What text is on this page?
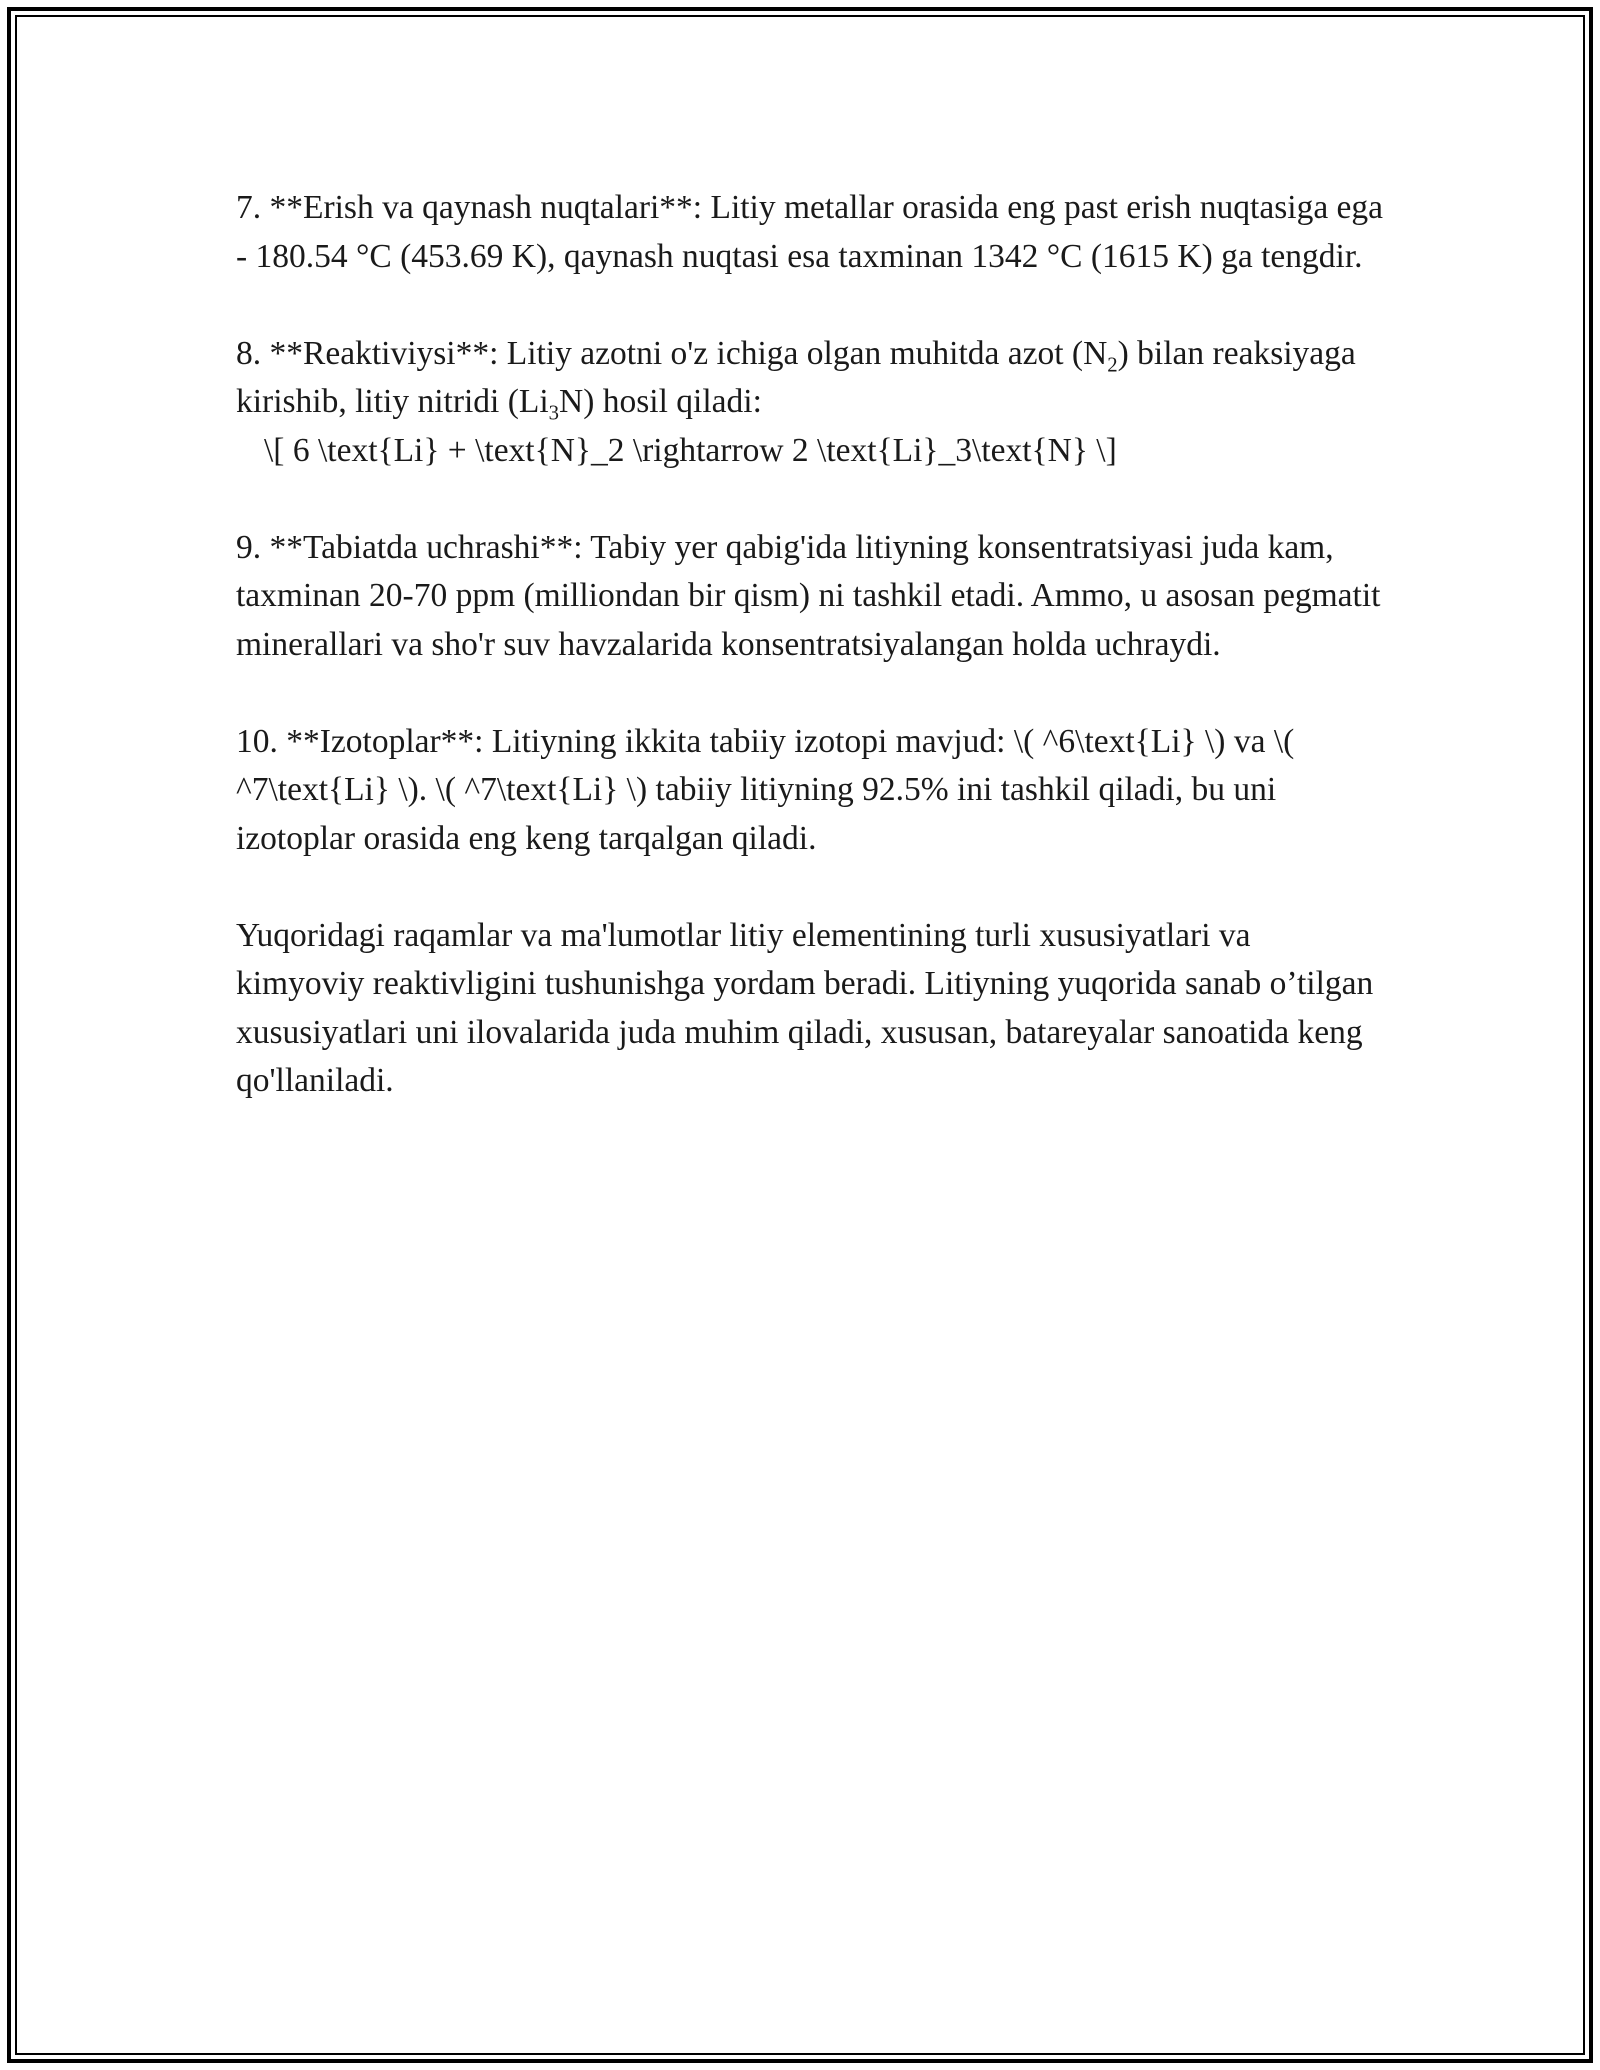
7. **Erish va qaynash nuqtalari**: Litiy metallar orasida eng past erish nuqtasiga ega - 180.54 °C (453.69 K), qaynash nuqtasi esa taxminan 1342 °C (1615 K) ga tengdir.

8. **Reaktiviysi**: Litiy azotni o'z ichiga olgan muhitda azot $(N_2)$ bilan reaksiyaga kirishib, litiy nitridi $(Li_3N)$ hosil qiladi:
\[ 6 \text{Li} + \text{N}_2 \rightarrow 2 \text{Li}_3\text{N} \]

9. **Tabiatda uchrashi**: Tabiy yer qabig'ida litiyning konsentratsiyasi juda kam, taxminan 20-70 ppm (milliondan bir qism) ni tashkil etadi. Ammo, u asosan pegmatit minerallari va sho'r suv havzalarida konsentratsiyalangan holda uchraydi.

10. **Izotoplar**: Litiyning ikkita tabiiy izotopi mavjud: \( ^6\text{Li} \) va \( ^7\text{Li} \). \( ^7\text{Li} \) tabiiy litiyning 92.5% ini tashkil qiladi, bu uni izotoplar orasida eng keng tarqalgan qiladi.

Yuqoridagi raqamlar va ma'lumotlar litiy elementining turli xususiyatlari va kimyoviy reaktivligini tushunishga yordam beradi. Litiyning yuqorida sanab o’tilgan xususiyatlari uni ilovalarida juda muhim qiladi, xususan, batareyalar sanoatida keng qo'llaniladi.
